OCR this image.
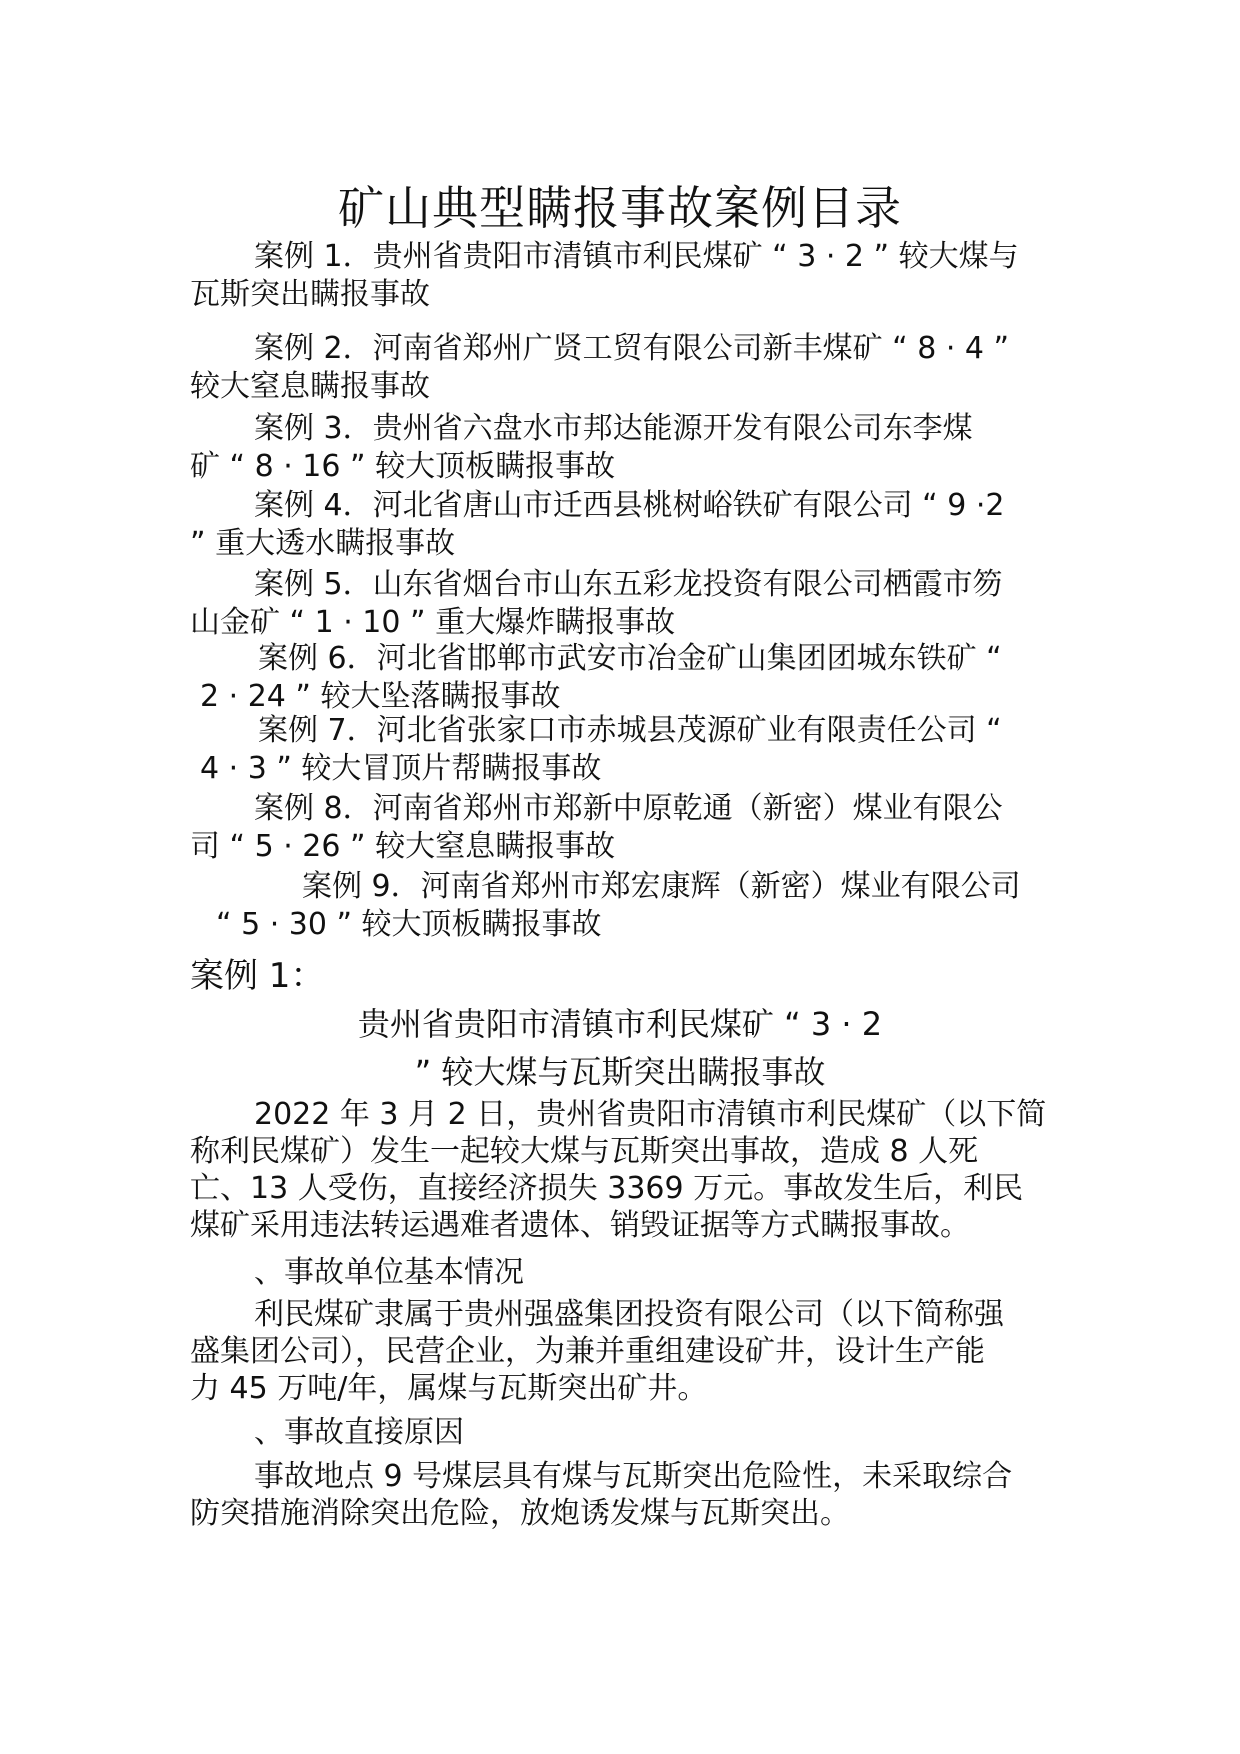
矿山典型瞒报事故案例目录
案例 1．贵州省贵阳市清镇市利民煤矿 “ 3 · 2 ” 较大煤与
瓦斯突出瞒报事故
案例 2．河南省郑州广贤工贸有限公司新丰煤矿 “ 8 · 4 ”
较大窒息瞒报事故
案例 3．贵州省六盘水市邦达能源开发有限公司东李煤
矿 “ 8 · 16 ” 较大顶板瞒报事故
案例 4．河北省唐山市迁西县桃树峪铁矿有限公司 “ 9 ·2
” 重大透水瞒报事故
案例 5．山东省烟台市山东五彩龙投资有限公司栖霞市笏
山金矿 “ 1 · 10 ” 重大爆炸瞒报事故
案例 6．河北省邯郸市武安市冶金矿山集团团城东铁矿 “
2 · 24 ” 较大坠落瞒报事故
案例 7．河北省张家口市赤城县茂源矿业有限责任公司 “
4 · 3 ” 较大冒顶片帮瞒报事故
案例 8．河南省郑州市郑新中原乾通（新密）煤业有限公
司 “ 5 · 26 ” 较大窒息瞒报事故
案例 9．河南省郑州市郑宏康辉（新密）煤业有限公司
“ 5 · 30 ” 较大顶板瞒报事故
案例 1：
贵州省贵阳市清镇市利民煤矿 “ 3 · 2
” 较大煤与瓦斯突出瞒报事故
2022 年 3 月 2 日，贵州省贵阳市清镇市利民煤矿（以下简
称利民煤矿）发生一起较大煤与瓦斯突出事故，造成 8 人死
亡、13 人受伤，直接经济损失 3369 万元。事故发生后，利民
煤矿采用违法转运遇难者遗体、销毁证据等方式瞒报事故。
、事故单位基本情况
利民煤矿隶属于贵州强盛集团投资有限公司（以下简称强
盛集团公司），民营企业，为兼并重组建设矿井，设计生产能
力 45 万吨/年，属煤与瓦斯突出矿井。
、事故直接原因
事故地点 9 号煤层具有煤与瓦斯突出危险性，未采取综合
防突措施消除突出危险，放炮诱发煤与瓦斯突出。
